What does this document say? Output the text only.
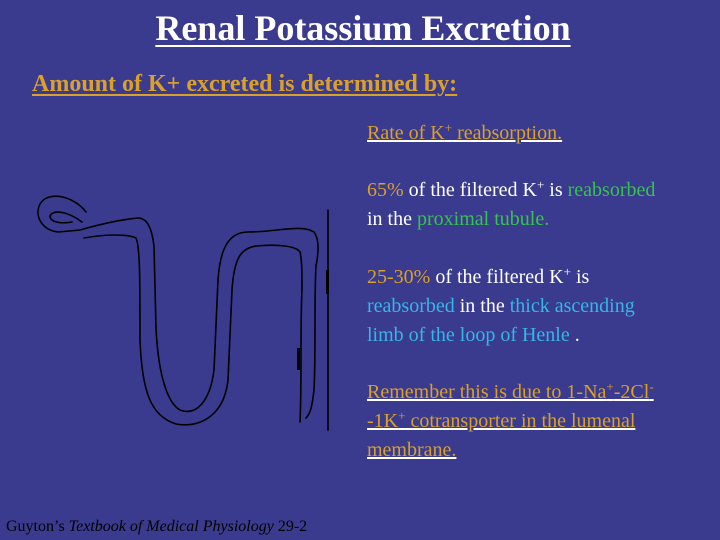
Renal Potassium Excretion
Amount of K+ excreted is determined by:
Rate of K+ reabsorption.
65% of the filtered K+ is reabsorbed
in the proximal tubule.
25-30% of the filtered K+ is
reabsorbed in the thick ascending
limb of the loop of Henle .
Remember this is due to 1-Na+-2Cl-
-1K+ cotransporter in the lumenal
membrane.
Guyton’s Textbook of Medical Physiology 29-2
